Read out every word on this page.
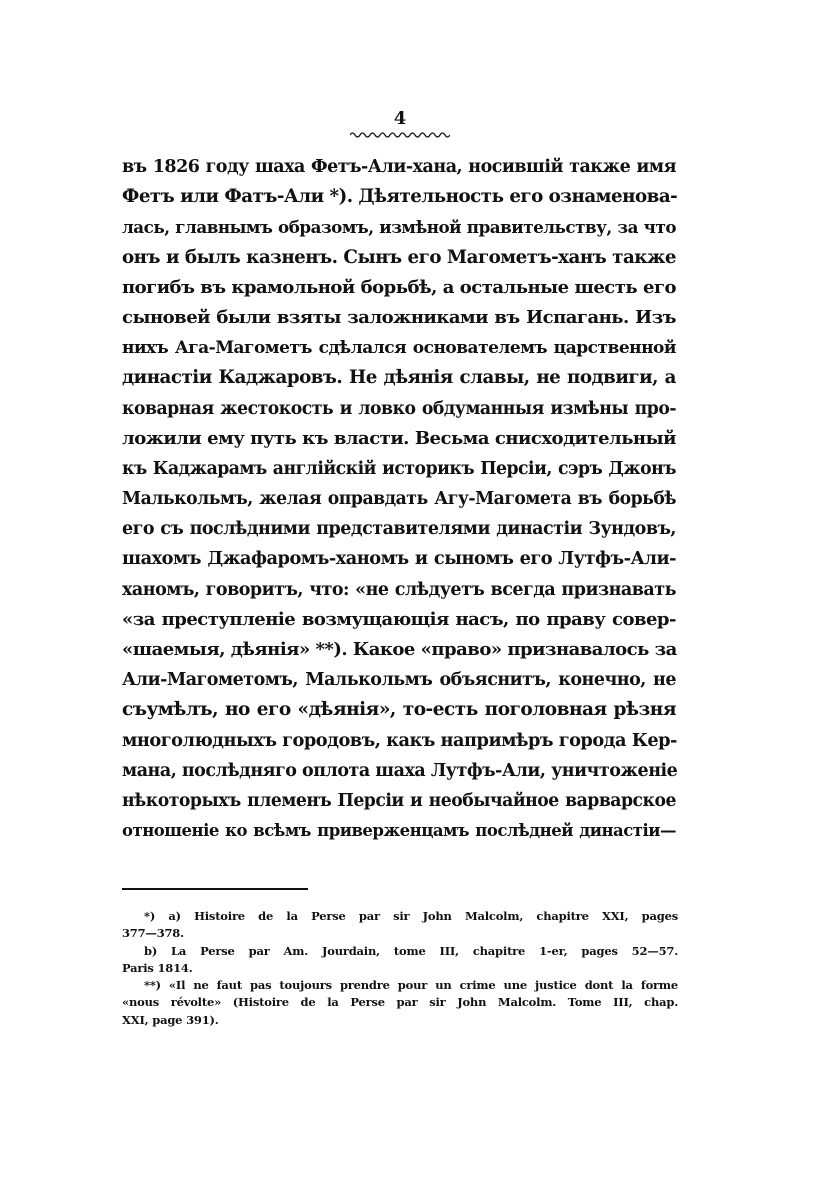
4
въ 1826 году шаха Фетъ-Али-хана, носившій также имя
Фетъ или Фатъ-Али *). Дѣятельность его ознаменова-
лась, главнымъ образомъ, измѣной правительству, за что
онъ и былъ казненъ. Сынъ его Магометъ-ханъ также
погибъ въ крамольной борьбѣ, а остальные шесть его
сыновей были взяты заложниками въ Испагань. Изъ
нихъ Ага-Магометъ сдѣлался основателемъ царственной
династіи Каджаровъ. Не дѣянія славы, не подвиги, а
коварная жестокость и ловко обдуманныя измѣны про-
ложили ему путь къ власти. Весьма снисходительный
къ Каджарамъ англійскій историкъ Персіи, сэръ Джонъ
Малькольмъ, желая оправдать Агу-Магомета въ борьбѣ
его съ послѣдними представителями династіи Зундовъ,
шахомъ Джафаромъ-ханомъ и сыномъ его Лутфъ-Али-
ханомъ, говоритъ, что: «не слѣдуетъ всегда признавать
«за преступленіе возмущающія насъ, по праву совер-
«шаемыя, дѣянія» **). Какое «право» признавалось за
Али-Магометомъ, Малькольмъ объяснитъ, конечно, не
съумѣлъ, но его «дѣянія», то-есть поголовная рѣзня
многолюдныхъ городовъ, какъ напримѣръ города Кер-
мана, послѣдняго оплота шаха Лутфъ-Али, уничтоженіе
нѣкоторыхъ племенъ Персіи и необычайное варварское
отношеніе ко всѣмъ приверженцамъ послѣдней династіи—
*) a) Histoire de la Perse par sir John Malcolm, chapitre XXI, pages
377—378.
b) La Perse par Am. Jourdain, tome III, chapitre 1-er, pages 52—57.
Paris 1814.
**) «Il ne faut pas toujours prendre pour un crime une justice dont la forme
«nous révolte» (Histoire de la Perse par sir John Malcolm. Tome III, chap.
XXI, page 391).
